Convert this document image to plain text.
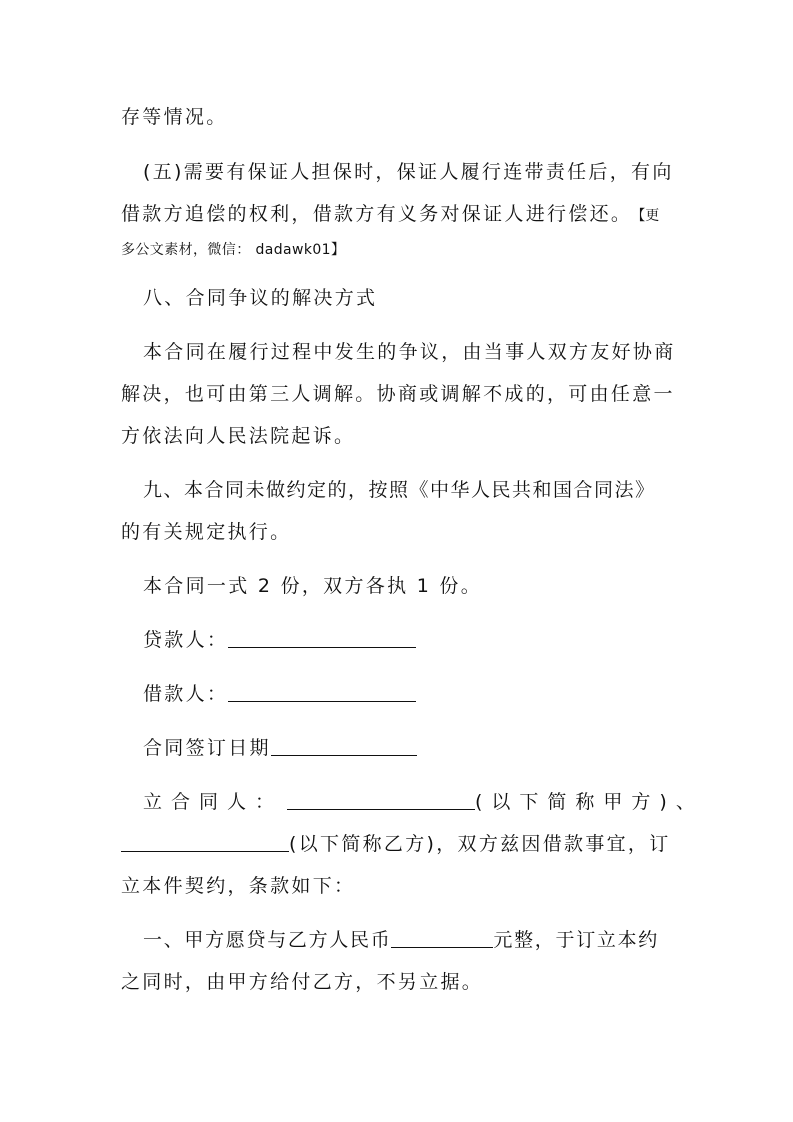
存等情况。
(五)需要有保证人担保时，保证人履行连带责任后，有向
借款方追偿的权利，借款方有义务对保证人进行偿还。 【更
多公文素材，微信： dadawk01】
八、合同争议的解决方式
本合同在履行过程中发生的争议，由当事人双方友好协商
解决，也可由第三人调解。协商或调解不成的，可由任意一
方依法向人民法院起诉。
九、本合同未做约定的，按照《中华人民共和国合同法》
的有关规定执行。
本合同一式 2 份，双方各执 1 份。
贷款人：
借款人：
合同签订日期
立合同人：	(以下简称甲方)、
(以下简称乙方)，双方兹因借款事宜，订
立本件契约，条款如下：
一、甲方愿贷与乙方人民币	元整，于订立本约
之同时，由甲方给付乙方，不另立据。
